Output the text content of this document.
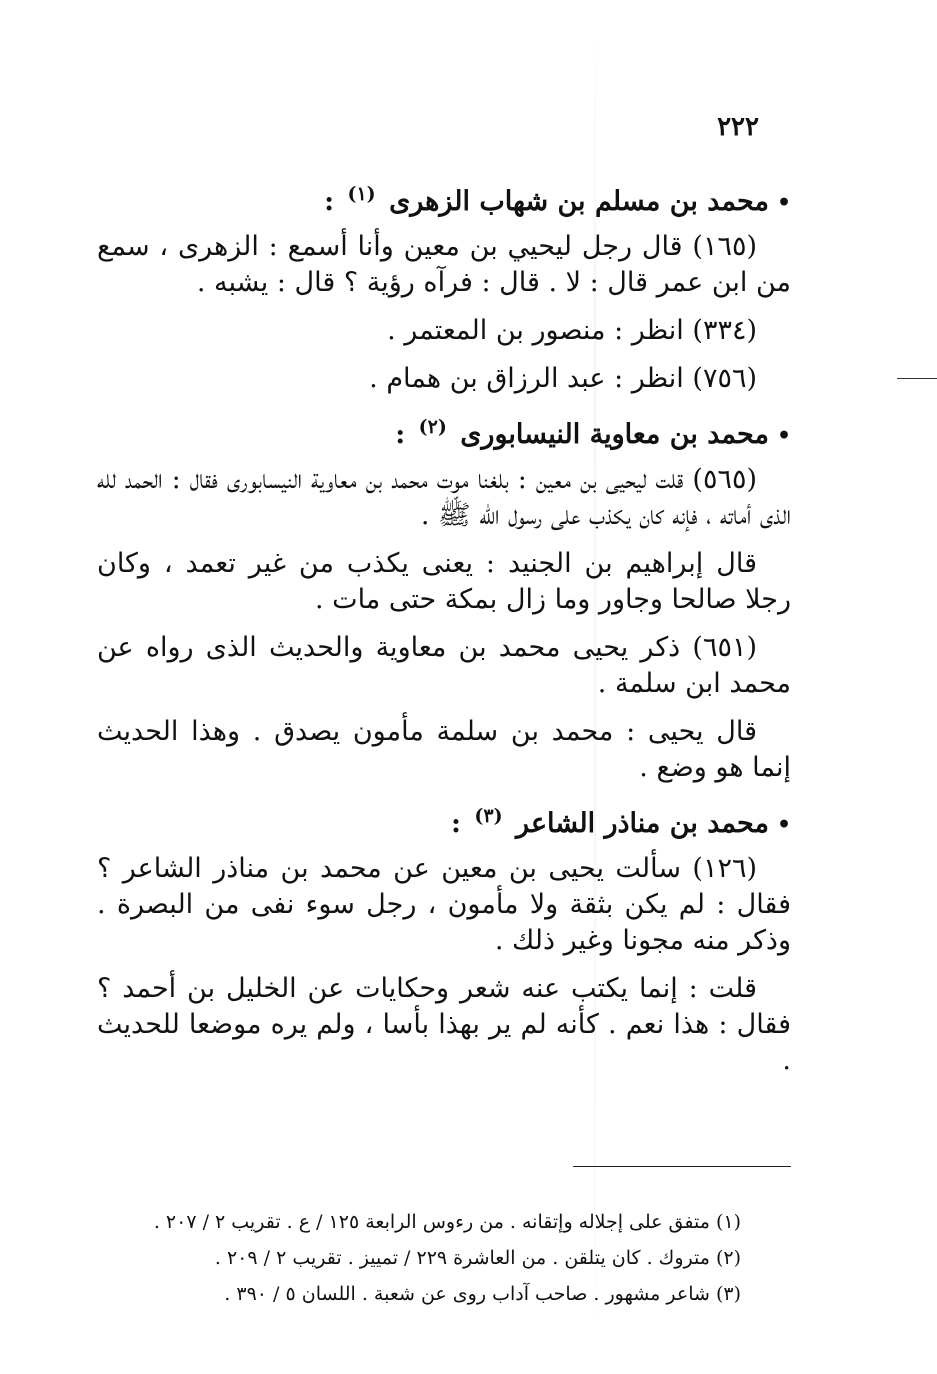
٢٢٢
•محمد بن مسلم بن شهاب الزهرى $^{(١)}$ :

(١٦٥) قال رجل ليحيي بن معين وأنا أسمع : الزهرى ، سمع من ابن عمر قال : لا . قال : فرآه رؤية ؟ قال : يشبه .

(٣٣٤) انظر : منصور بن المعتمر .

(٧٥٦) انظر : عبد الرزاق بن همام .

•محمد بن معاوية النيسابورى $^{(٢)}$ :

(٥٦٥) قلت ليحيى بن معين : بلغنا موت محمد بن معاوية النيسابورى فقال : الحمد لله الذى أماته ، فإنه كان يكذب على رسول الله ﷺ .

قال إبراهيم بن الجنيد : يعنى يكذب من غير تعمد ، وكان رجلا صالحا وجاور وما زال بمكة حتى مات .

(٦٥١) ذكر يحيى محمد بن معاوية والحديث الذى رواه عن محمد ابن سلمة .

قال يحيى : محمد بن سلمة مأمون يصدق . وهذا الحديث إنما هو وضع .

•محمد بن مناذر الشاعر $^{(٣)}$ :

(١٢٦) سألت يحيى بن معين عن محمد بن مناذر الشاعر ؟ فقال : لم يكن بثقة ولا مأمون ، رجل سوء نفى من البصرة . وذكر منه مجونا وغير ذلك .

قلت : إنما يكتب عنه شعر وحكايات عن الخليل بن أحمد ؟ فقال : هذا نعم . كأنه لم ير بهذا بأسا ، ولم يره موضعا للحديث .

(١) متفق على إجلاله وإتقانه . من رءوس الرابعة ١٢٥ / ع . تقريب ٢ / ٢٠٧ .
(٢) متروك . كان يتلقن . من العاشرة ٢٢٩ / تمييز . تقريب ٢ / ٢٠٩ .
(٣) شاعر مشهور . صاحب آداب روى عن شعبة . اللسان ٥ / ٣٩٠ .
